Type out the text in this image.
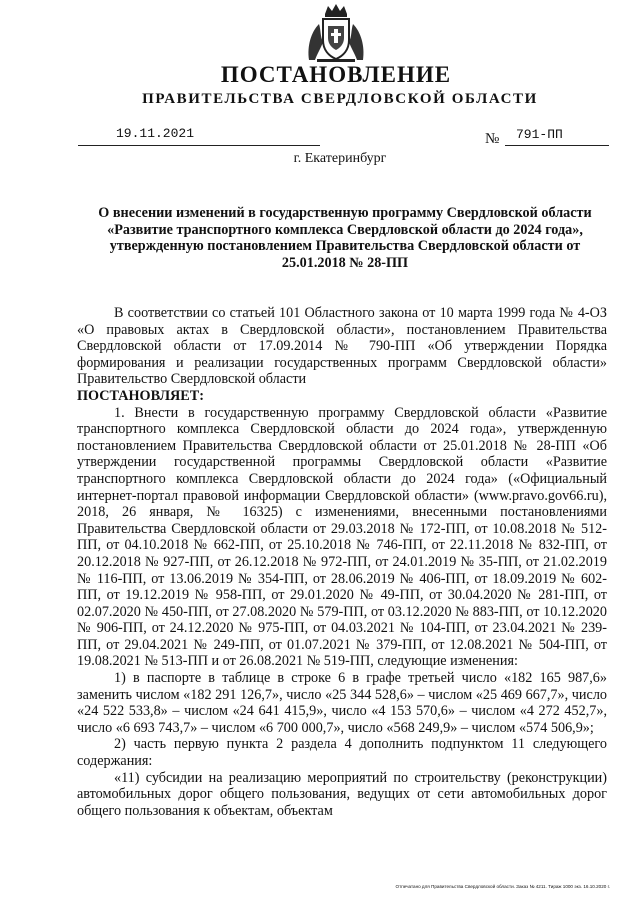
ПОСТАНОВЛЕНИЕ
ПРАВИТЕЛЬСТВА СВЕРДЛОВСКОЙ ОБЛАСТИ
19.11.2021	№ 791-ПП
г. Екатеринбург
О внесении изменений в государственную программу Свердловской области «Развитие транспортного комплекса Свердловской области до 2024 года», утвержденную постановлением Правительства Свердловской области от 25.01.2018 № 28-ПП

В соответствии со статьей 101 Областного закона от 10 марта 1999 года № 4-ОЗ «О правовых актах в Свердловской области», постановлением Правительства Свердловской области от 17.09.2014 № 790-ПП «Об утверждении Порядка формирования и реализации государственных программ Свердловской области» Правительство Свердловской области

ПОСТАНОВЛЯЕТ:

1. Внести в государственную программу Свердловской области «Развитие транспортного комплекса Свердловской области до 2024 года», утвержденную постановлением Правительства Свердловской области от 25.01.2018 № 28-ПП «Об утверждении государственной программы Свердловской области «Развитие транспортного комплекса Свердловской области до 2024 года» («Официальный интернет-портал правовой информации Свердловской области» (www.pravo.gov66.ru), 2018, 26 января, № 16325) с изменениями, внесенными постановлениями Правительства Свердловской области от 29.03.2018 № 172-ПП, от 10.08.2018 № 512-ПП, от 04.10.2018 № 662-ПП, от 25.10.2018 № 746-ПП, от 22.11.2018 № 832-ПП, от 20.12.2018 № 927-ПП, от 26.12.2018 № 972-ПП, от 24.01.2019 № 35-ПП, от 21.02.2019 № 116-ПП, от 13.06.2019 № 354-ПП, от 28.06.2019 № 406-ПП, от 18.09.2019 № 602-ПП, от 19.12.2019 № 958-ПП, от 29.01.2020 № 49-ПП, от 30.04.2020 № 281-ПП, от 02.07.2020 № 450-ПП, от 27.08.2020 № 579-ПП, от 03.12.2020 № 883-ПП, от 10.12.2020 № 906-ПП, от 24.12.2020 № 975-ПП, от 04.03.2021 № 104-ПП, от 23.04.2021 № 239-ПП, от 29.04.2021 № 249-ПП, от 01.07.2021 № 379-ПП, от 12.08.2021 № 504-ПП, от 19.08.2021 № 513-ПП и от 26.08.2021 № 519-ПП, следующие изменения:

1) в паспорте в таблице в строке 6 в графе третьей число «182 165 987,6» заменить числом «182 291 126,7», число «25 344 528,6» – числом «25 469 667,7», число «24 522 533,8» – числом «24 641 415,9», число «4 153 570,6» – числом «4 272 452,7», число «6 693 743,7» – числом «6 700 000,7», число «568 249,9» – числом «574 506,9»;

2) часть первую пункта 2 раздела 4 дополнить подпунктом 11 следующего содержания:

«11) субсидии на реализацию мероприятий по строительству (реконструкции) автомобильных дорог общего пользования, ведущих от сети автомобильных дорог общего пользования к объектам, объектам

Отпечатано для Правительства Свердловской области. Заказ № 4211. Тираж 1000 экз. 16.10.2020 г.
